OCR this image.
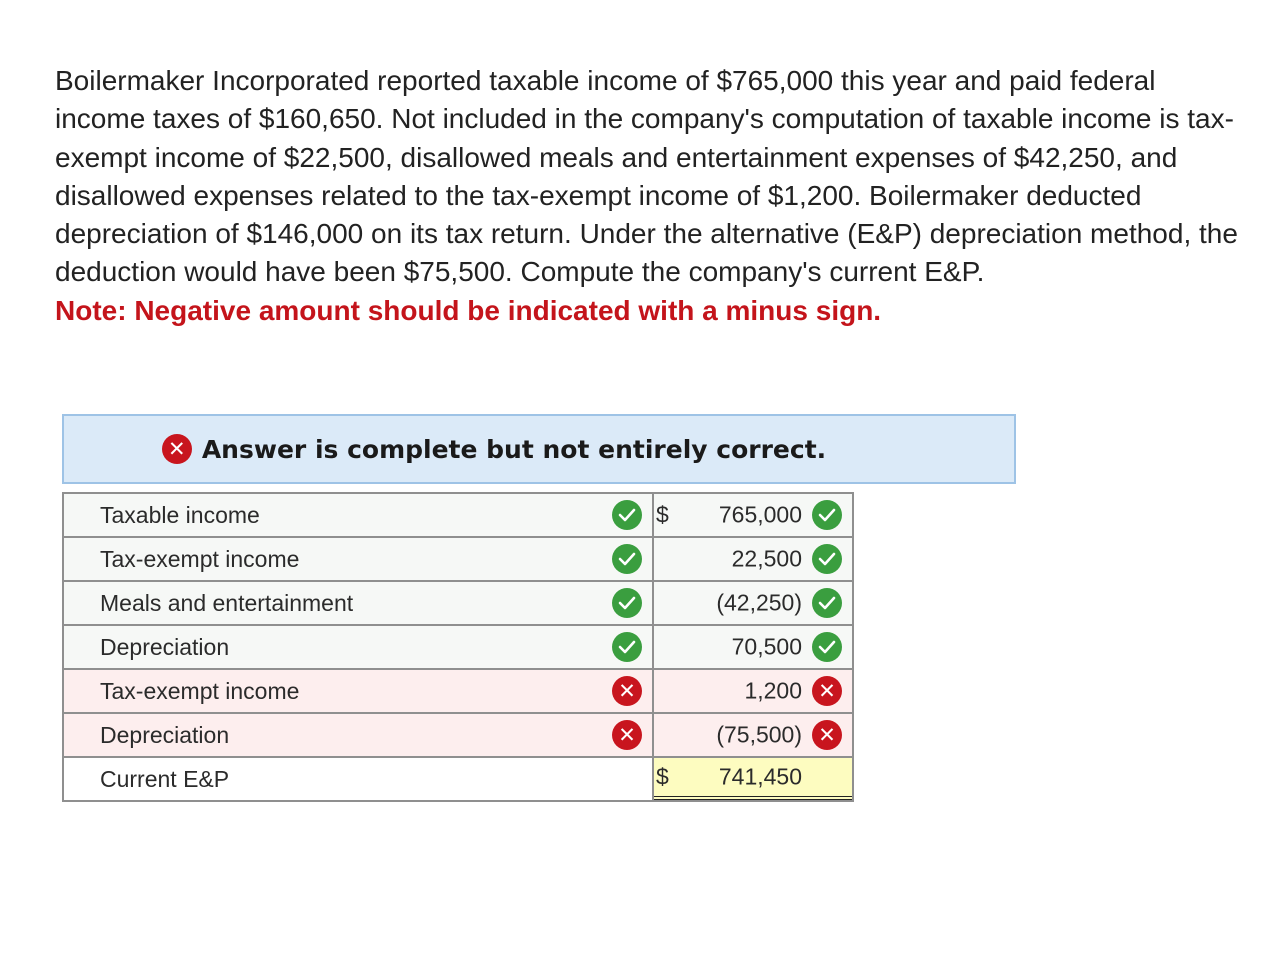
Boilermaker Incorporated reported taxable income of $765,000 this year and paid federal income taxes of $160,650. Not included in the company's computation of taxable income is tax-exempt income of $22,500, disallowed meals and entertainment expenses of $42,250, and disallowed expenses related to the tax-exempt income of $1,200. Boilermaker deducted depreciation of $146,000 on its tax return. Under the alternative (E&P) depreciation method, the deduction would have been $75,500. Compute the company's current E&P.

Note: Negative amount should be indicated with a minus sign.

✕ Answer is complete but not entirely correct.
Taxable income	$ 765,000

Tax-exempt income	22,500

Meals and entertainment	(42,250)

Depreciation	70,500

Tax-exempt income ✕	1,200 ✕

Depreciation ✕	(75,500) ✕

Current E&P	$ 741,450
